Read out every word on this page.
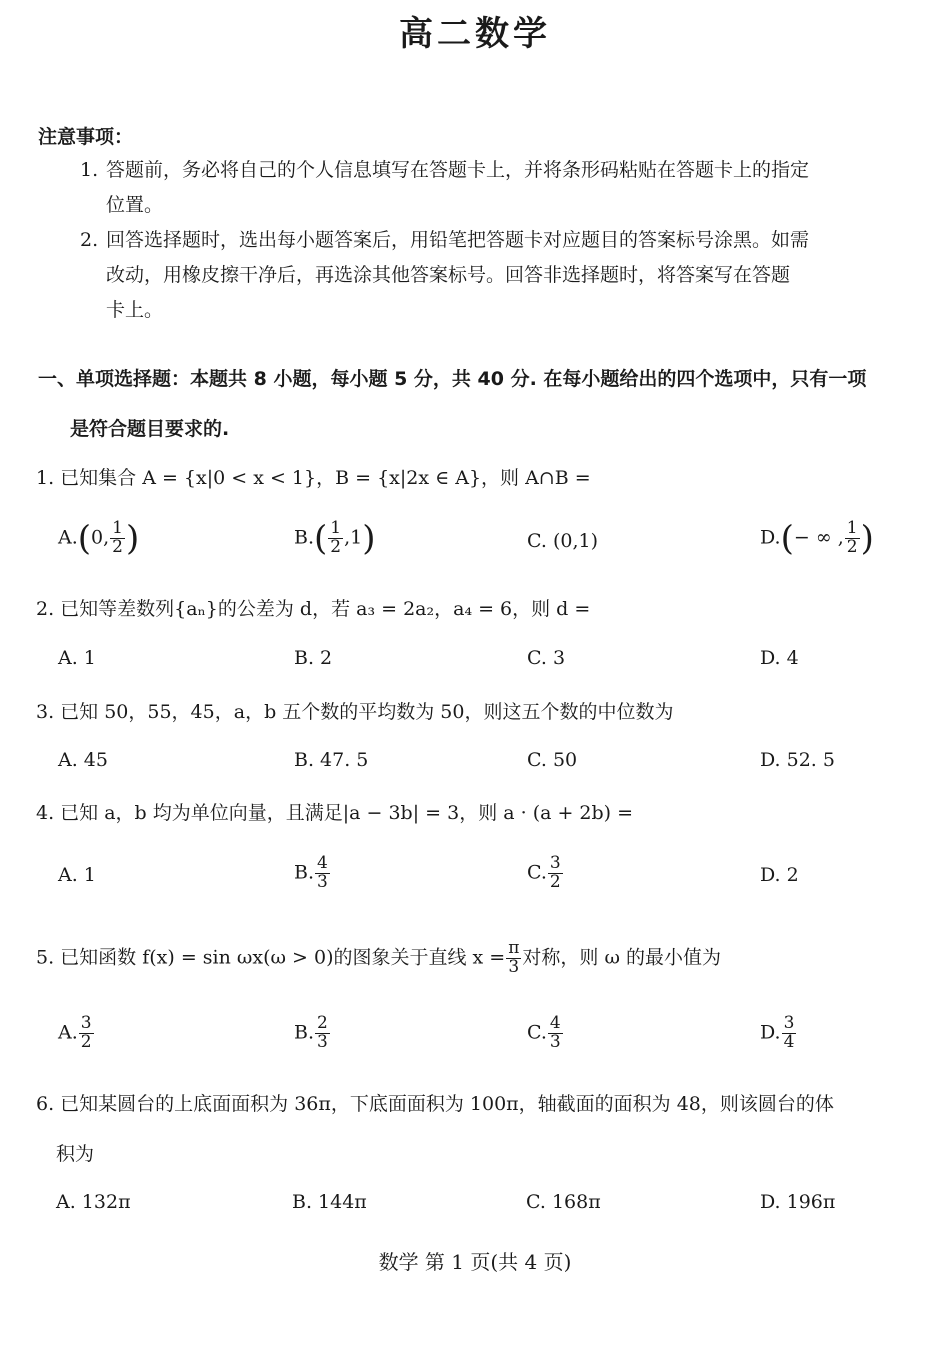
高二数学
注意事项：
1. 答题前，务必将自己的个人信息填写在答题卡上，并将条形码粘贴在答题卡上的指定
位置。
2. 回答选择题时，选出每小题答案后，用铅笔把答题卡对应题目的答案标号涂黑。如需
改动，用橡皮擦干净后，再选涂其他答案标号。回答非选择题时，将答案写在答题
卡上。
一、单项选择题：本题共 8 小题，每小题 5 分，共 40 分. 在每小题给出的四个选项中，只有一项
是符合题目要求的.
1. 已知集合 A = {x|0 < x < 1}，B = {x|2x ∈ A}，则 A∩B =
A.(0, $\frac{1}{2}$ )	$B.( \frac{1}{2} ,1)$	C. (0,1)	D.(− ∞ , $\frac{1}{2}$ )
2. 已知等差数列{aₙ}的公差为 d，若 a₃ = 2a₂，a₄ = 6，则 d =
A. 1	B. 2	C. 3	D. 4
3. 已知 50，55，45，a，b 五个数的平均数为 50，则这五个数的中位数为
A. 45	B. 47. 5	C. 50	D. 52. 5
4. 已知 a，b 均为单位向量，且满足|a − 3b| = 3，则 a · (a + 2b) =
A. 1	B. $\frac{4}{3}$	C. $\frac{3}{2}$	D. 2
5. 已知函数 f(x) = sin ωx(ω > 0)的图象关于直线 $x = \frac{\pi}{3}$ 对称，则 ω 的最小值为
A. $\frac{3}{2}$	B. $\frac{2}{3}$	C. $\frac{4}{3}$	D. $\frac{3}{4}$
6. 已知某圆台的上底面面积为 36π，下底面面积为 100π，轴截面的面积为 48，则该圆台的体
积为
A. 132π	B. 144π	C. 168π	D. 196π
数学 第 1 页(共 4 页)
